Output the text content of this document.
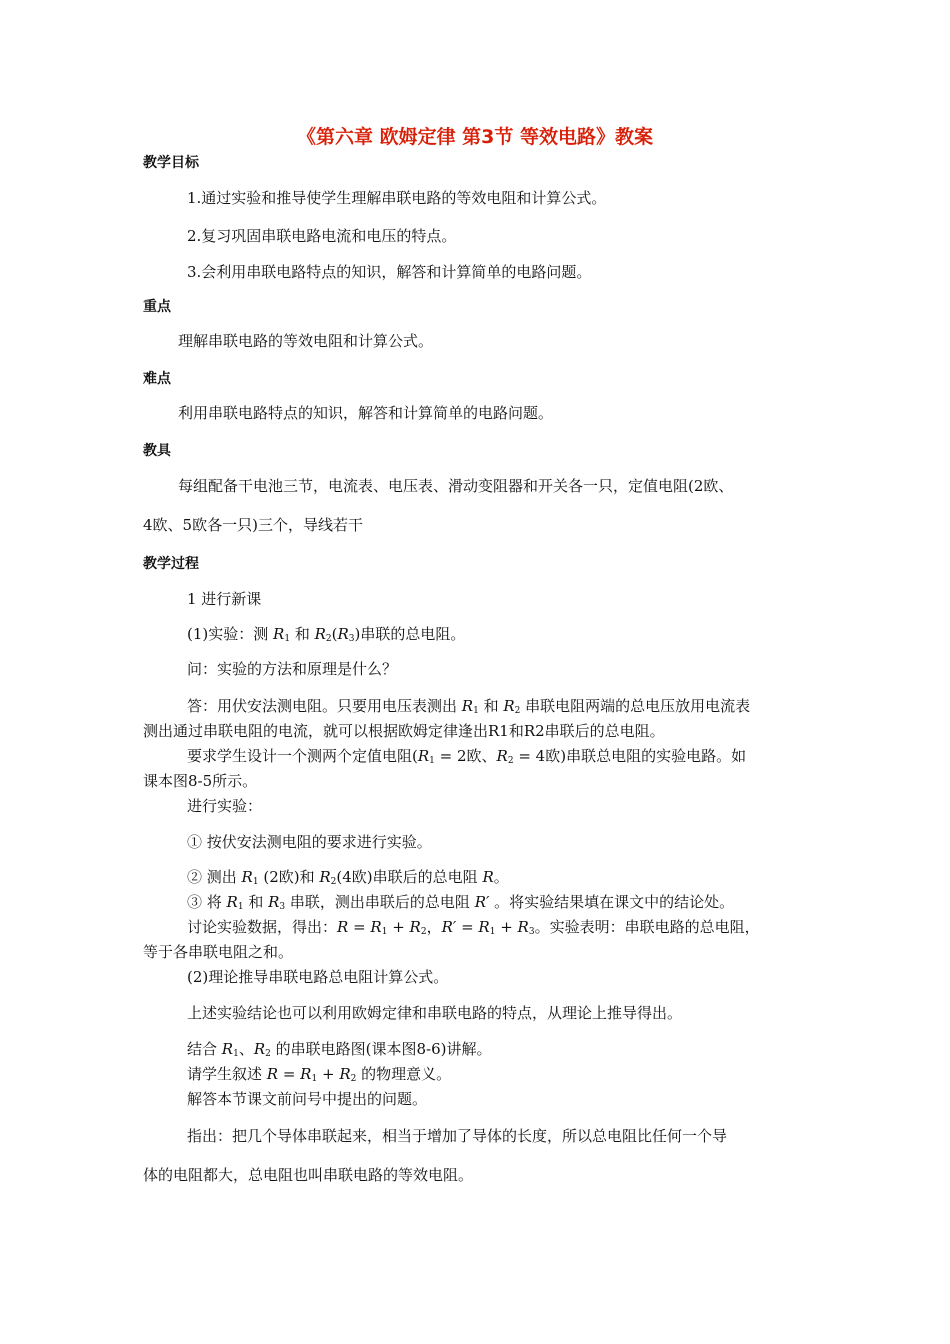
《第六章 欧姆定律 第3节 等效电路》教案
教学目标
1.通过实验和推导使学生理解串联电路的等效电阻和计算公式。
2.复习巩固串联电路电流和电压的特点。
3.会利用串联电路特点的知识，解答和计算简单的电路问题。
重点
理解串联电路的等效电阻和计算公式。
难点
利用串联电路特点的知识，解答和计算简单的电路问题。
教具
每组配备干电池三节，电流表、电压表、滑动变阻器和开关各一只，定值电阻(2欧、
4欧、5欧各一只)三个，导线若干
教学过程
1 进行新课
(1)实验：测 $R_1$ 和 $R_2(R_3)$串联的总电阻。
问：实验的方法和原理是什么？
答：用伏安法测电阻。只要用电压表测出 $R_1$ 和 $R_2$ 串联电阻两端的总电压放用电流表
测出通过串联电阻的电流，就可以根据欧姆定律逢出R1和R2串联后的总电阻。
要求学生设计一个测两个定值电阻($R_1 = 2$欧、$R_2 = 4$欧)串联总电阻的实验电路。如
课本图8-5所示。
进行实验：
① 按伏安法测电阻的要求进行实验。
② 测出 $R_1$ (2欧)和 $R_2(4$欧)串联后的总电阻 R。
③ 将 $R_1$ 和 $R_3$ 串联，测出串联后的总电阻 R′ 。将实验结果填在课文中的结论处。
讨论实验数据，得出：$R = R_1 + R_2$，$R' = R_1 + R_3$。实验表明：串联电路的总电阻，
等于各串联电阻之和。
(2)理论推导串联电路总电阻计算公式。
上述实验结论也可以利用欧姆定律和串联电路的特点，从理论上推导得出。
结合 $R_1$、$R_2$ 的串联电路图(课本图8-6)讲解。
请学生叙述 $R = R_1 + R_2$ 的物理意义。
解答本节课文前问号中提出的问题。
指出：把几个导体串联起来，相当于增加了导体的长度，所以总电阻比任何一个导
体的电阻都大，总电阻也叫串联电路的等效电阻。
